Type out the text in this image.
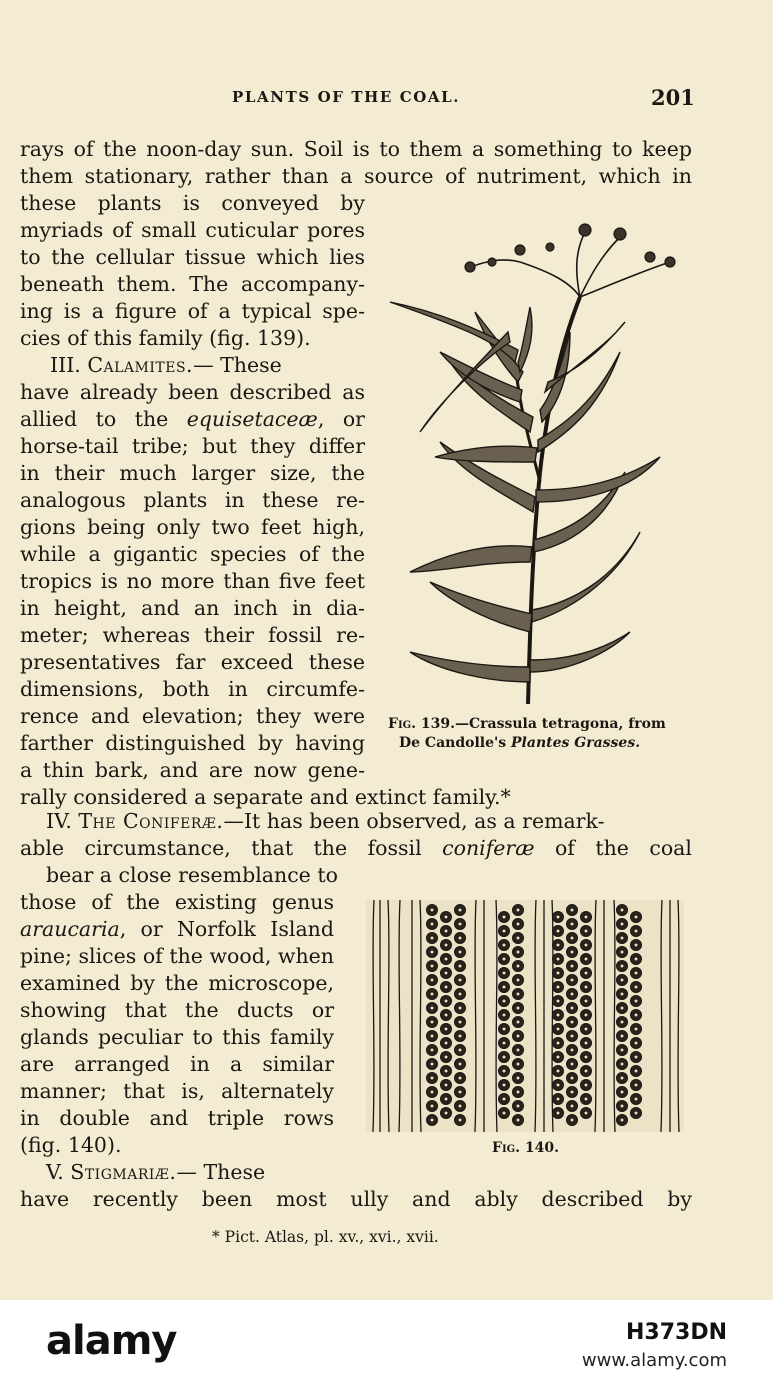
PLANTS OF THE COAL.	201
rays of the noon-day sun. Soil is to them a something to keep
them stationary, rather than a source of nutriment, which in
these plants is conveyed by
myriads of small cuticular pores
to the cellular tissue which lies
beneath them. The accompany-
ing is a figure of a typical spe-
cies of this family (fig. 139).
III. Calamites.— These
have already been described as
allied to the equisetaceæ, or
horse-tail tribe; but they differ
in their much larger size, the
analogous plants in these re-
gions being only two feet high,
while a gigantic species of the
tropics is no more than five feet
in height, and an inch in dia-
meter; whereas their fossil re-
presentatives far exceed these
dimensions, both in circumfe-
rence and elevation; they were
farther distinguished by having
a thin bark, and are now gene-
rally considered a separate and extinct family.*
Fig. 139.—Crassula tetragona, from
De Candolle's Plantes Grasses.
IV. The Coniferæ.—It has been observed, as a remark-
able circumstance, that the fossil coniferæ of the coal
bear a close resemblance to
those of the existing genus
araucaria, or Norfolk Island
pine; slices of the wood, when
examined by the microscope,
showing that the ducts or
glands peculiar to this family
are arranged in a similar
manner; that is, alternately
in double and triple rows
(fig. 140).
V. Stigmariæ.— These
have recently been most ully and ably described by
Fig. 140.
* Pict. Atlas, pl. xv., xvi., xvii.
alamy	H373DN
www.alamy.com
